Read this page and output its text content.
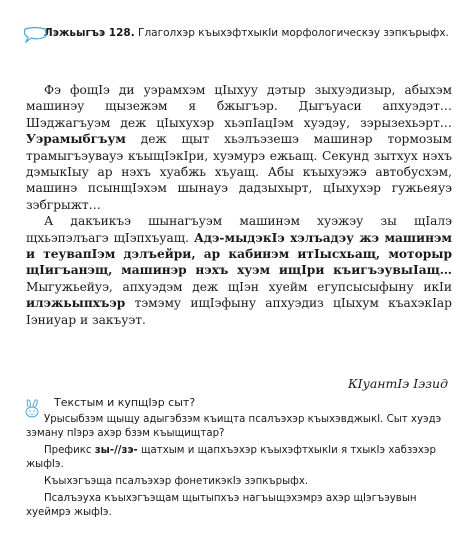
Лэжьыгъэ 128. Глаголхэр къыхэфтхыкIи морфологическэу зэпкърыфх.

Фэ фощIэ ди уэрамхэм цIыхуу дэтыр зыхуэдизыр, абыхэм машинэу щызежэм я бжыгъэр. Дыгъуаси апхуэдэт… Шэджагъуэм деж цIыхухэр хьэпIацIэм хуэдэу, зэрызехьэрт… Уэрамыбгъум деж щыт хьэлъэзешэ машинэр тормозым трамыгъэувауэ къыщIэкIри, хуэмурэ ежьащ. Секунд зытхух нэхъ дэмыкIыу ар нэхъ хуабжь хъуащ. Абы къыхуэжэ автобусхэм, машинэ псынщIэхэм шынауэ дадзыхырт, цIыхухэр гужьеяуэ зэбгрыжт…

А дакъикъэ шынагъуэм машинэм хуэжэу зы щIалэ щхьэпэлъагэ щIэпхъуащ. Адэ-мыдэкIэ хэлъадэу жэ машинэм и теувапIэм дэлъейри, ар кабинэм итIысхьащ, моторыр щIигъанэщ, машинэр нэхъ хуэм ищIри къигъэувыIащ… Мыгужьейуэ, апхуэдэм деж щIэн хуейм егупсысыфыну икIи илэжьыпхъэр тэмэму ищIэфыну апхуэдиз цIыхум къахэкIар Iэниуар и закъуэт.

КIуантIэ Iэзид
Текстым и купщIэр сыт?
Урысыбзэм щыщу адыгэбзэм къищта псалъэхэр къыхэвджыкI. Сыт хуэдэ зэману пIэрэ ахэр бзэм къыщищтар?
Префикс зы-//зэ- щатхым и щапхъэхэр къыхэфтхыкIи я тхыкIэ хабзэхэр жыфIэ.
Къыхэгъэща псалъэхэр фонетикэкIэ зэпкърыфх.
Псалъэуха къыхэгъэщам щытыпхъэ нагъыщэхэмрэ ахэр щIэгъэувын хуеймрэ жыфIэ.
